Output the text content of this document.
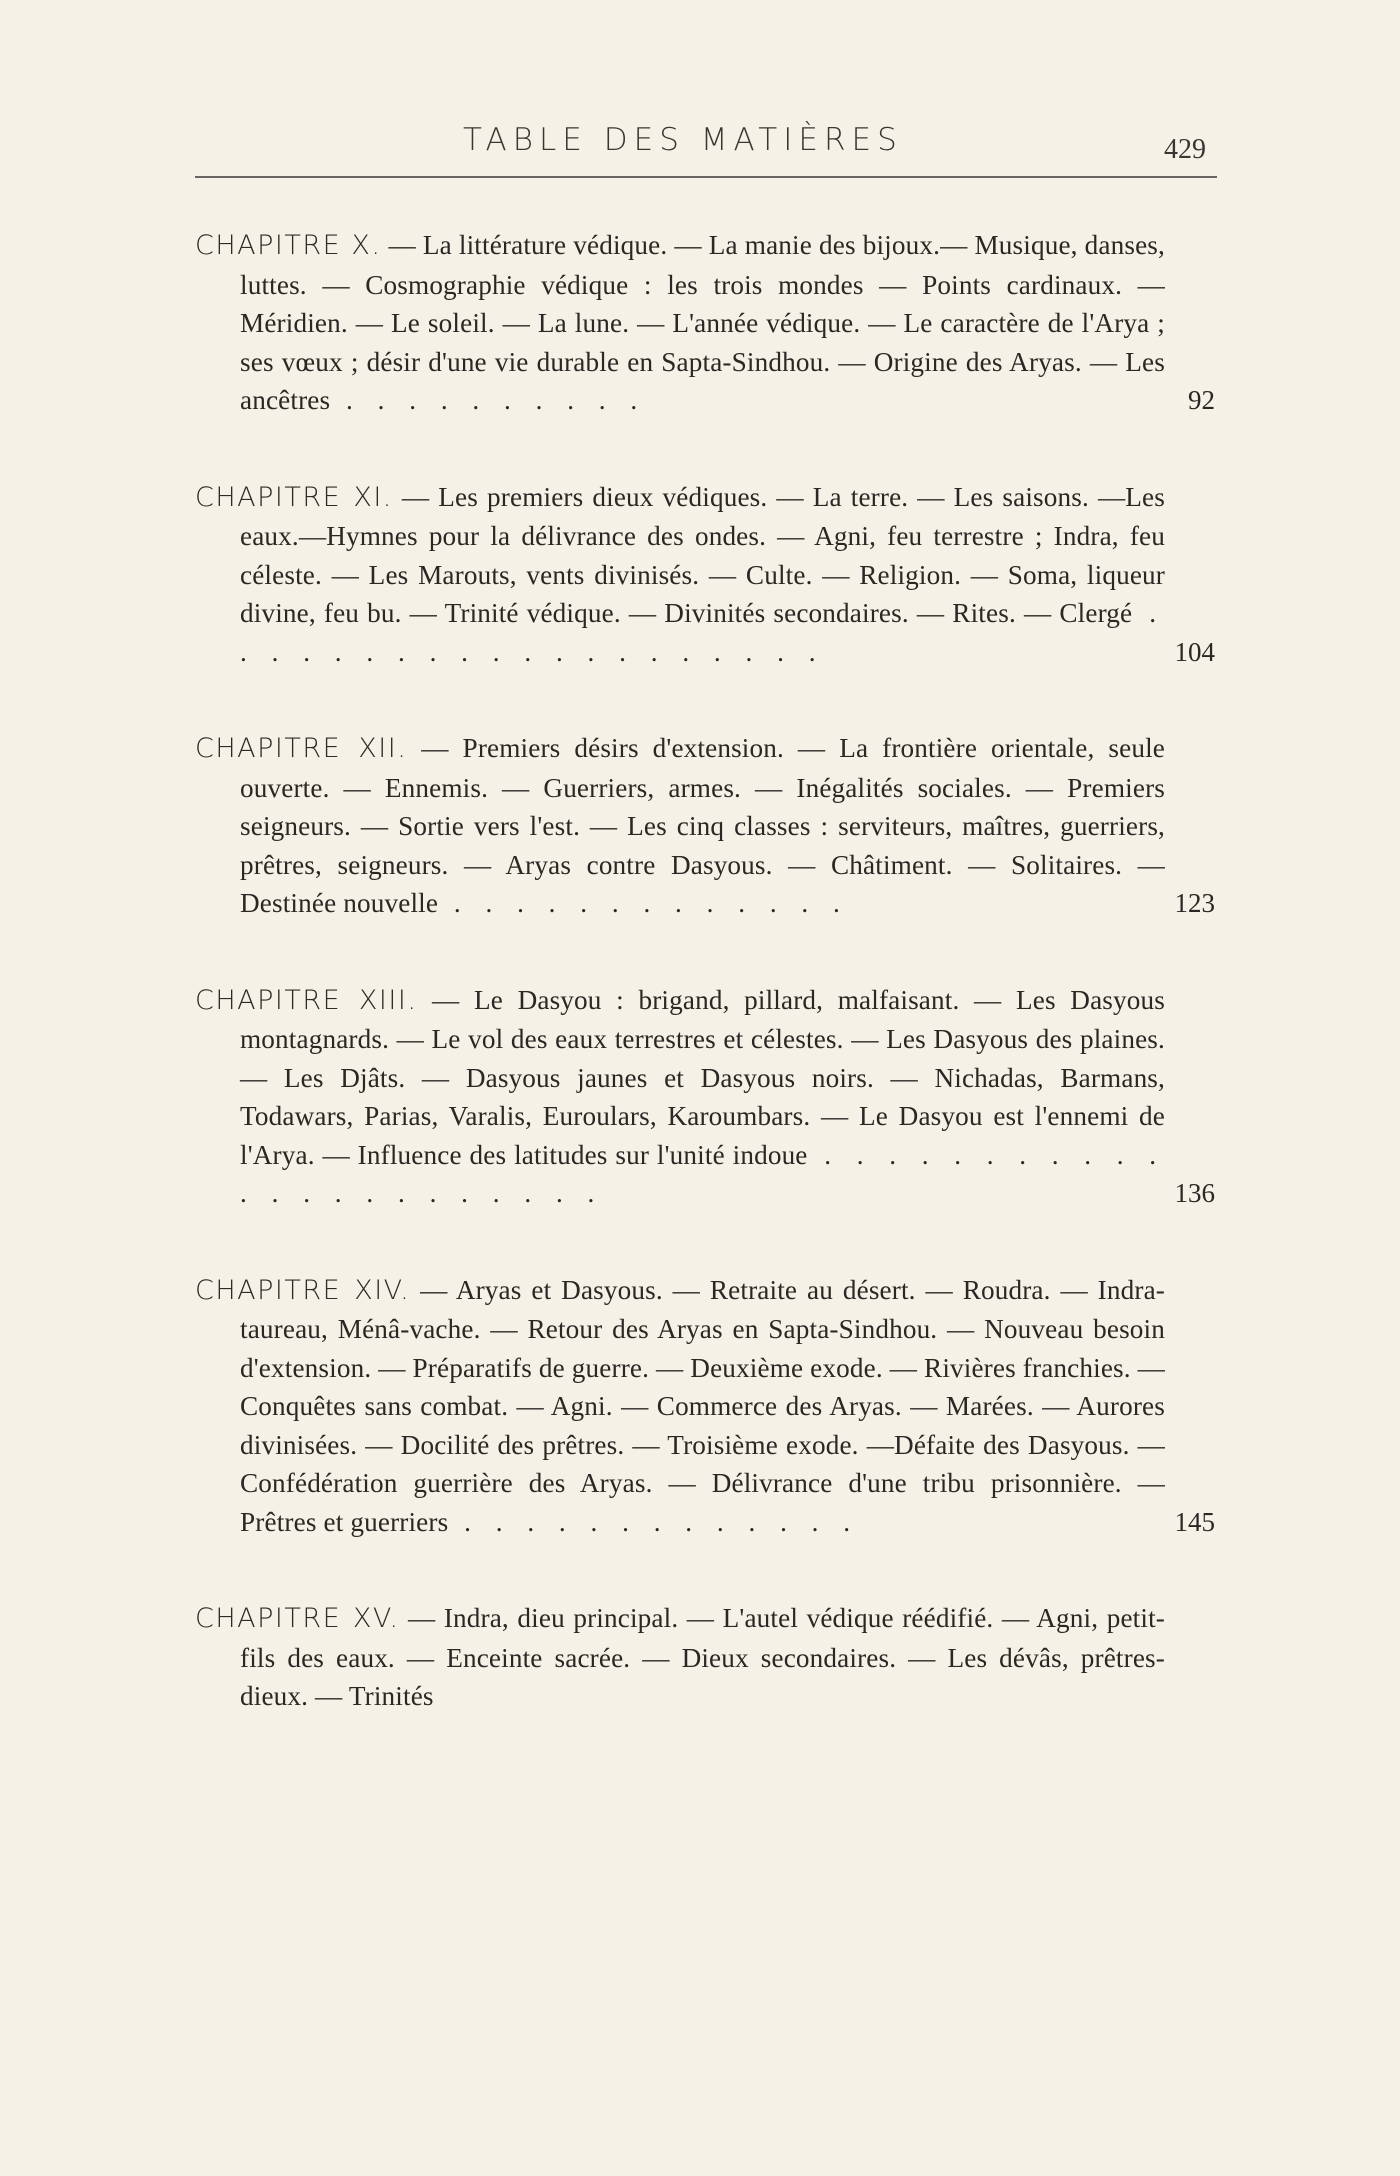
TABLE DES MATIÈRES	429
CHAPITRE X. — La littérature védique. — La manie des bijoux.— Musique, danses, luttes. — Cosmographie védique : les trois mondes — Points cardinaux. — Méridien. — Le soleil. — La lune. — L'année védique. — Le caractère de l'Arya ; ses vœux ; désir d'une vie durable en Sapta-Sindhou. — Origine des Aryas. — Les ancêtres . . . . . . . . . .	92
CHAPITRE XI. — Les premiers dieux védiques. — La terre. — Les saisons. —Les eaux.—Hymnes pour la délivrance des ondes. — Agni, feu terrestre ; Indra, feu céleste. — Les Marouts, vents divinisés. — Culte. — Religion. — Soma, liqueur divine, feu bu. — Trinité védique. — Divinités secondaires. — Rites. — Clergé . . . . . . . . . . . . . . . . . . . .	104
CHAPITRE XII. — Premiers désirs d'extension. — La frontière orientale, seule ouverte. — Ennemis. — Guerriers, armes. — Inégalités sociales. — Premiers seigneurs. — Sortie vers l'est. — Les cinq classes : serviteurs, maîtres, guerriers, prêtres, seigneurs. — Aryas contre Dasyous. — Châtiment. — Solitaires. — Destinée nouvelle . . . . . . . . . . . . .	123
CHAPITRE XIII. — Le Dasyou : brigand, pillard, malfaisant. — Les Dasyous montagnards. — Le vol des eaux terrestres et célestes. — Les Dasyous des plaines. — Les Djâts. — Dasyous jaunes et Dasyous noirs. — Nichadas, Barmans, Todawars, Parias, Varalis, Euroulars, Karoumbars. — Le Dasyou est l'ennemi de l'Arya. — Influence des latitudes sur l'unité indoue . . . . . . . . . . . . . . . . . . . . . . .	136
CHAPITRE XIV. — Aryas et Dasyous. — Retraite au désert. — Roudra. — Indra-taureau, Ménâ-vache. — Retour des Aryas en Sapta-Sindhou. — Nouveau besoin d'extension. — Préparatifs de guerre. — Deuxième exode. — Rivières franchies. — Conquêtes sans combat. — Agni. — Commerce des Aryas. — Marées. — Aurores divinisées. — Docilité des prêtres. — Troisième exode. —Défaite des Dasyous. — Confédération guerrière des Aryas. — Délivrance d'une tribu prisonnière. — Prêtres et guerriers . . . . . . . . . . . . .	145
CHAPITRE XV. — Indra, dieu principal. — L'autel védique réédifié. — Agni, petit-fils des eaux. — Enceinte sacrée. — Dieux secondaires. — Les dévâs, prêtres-dieux. — Trinités
